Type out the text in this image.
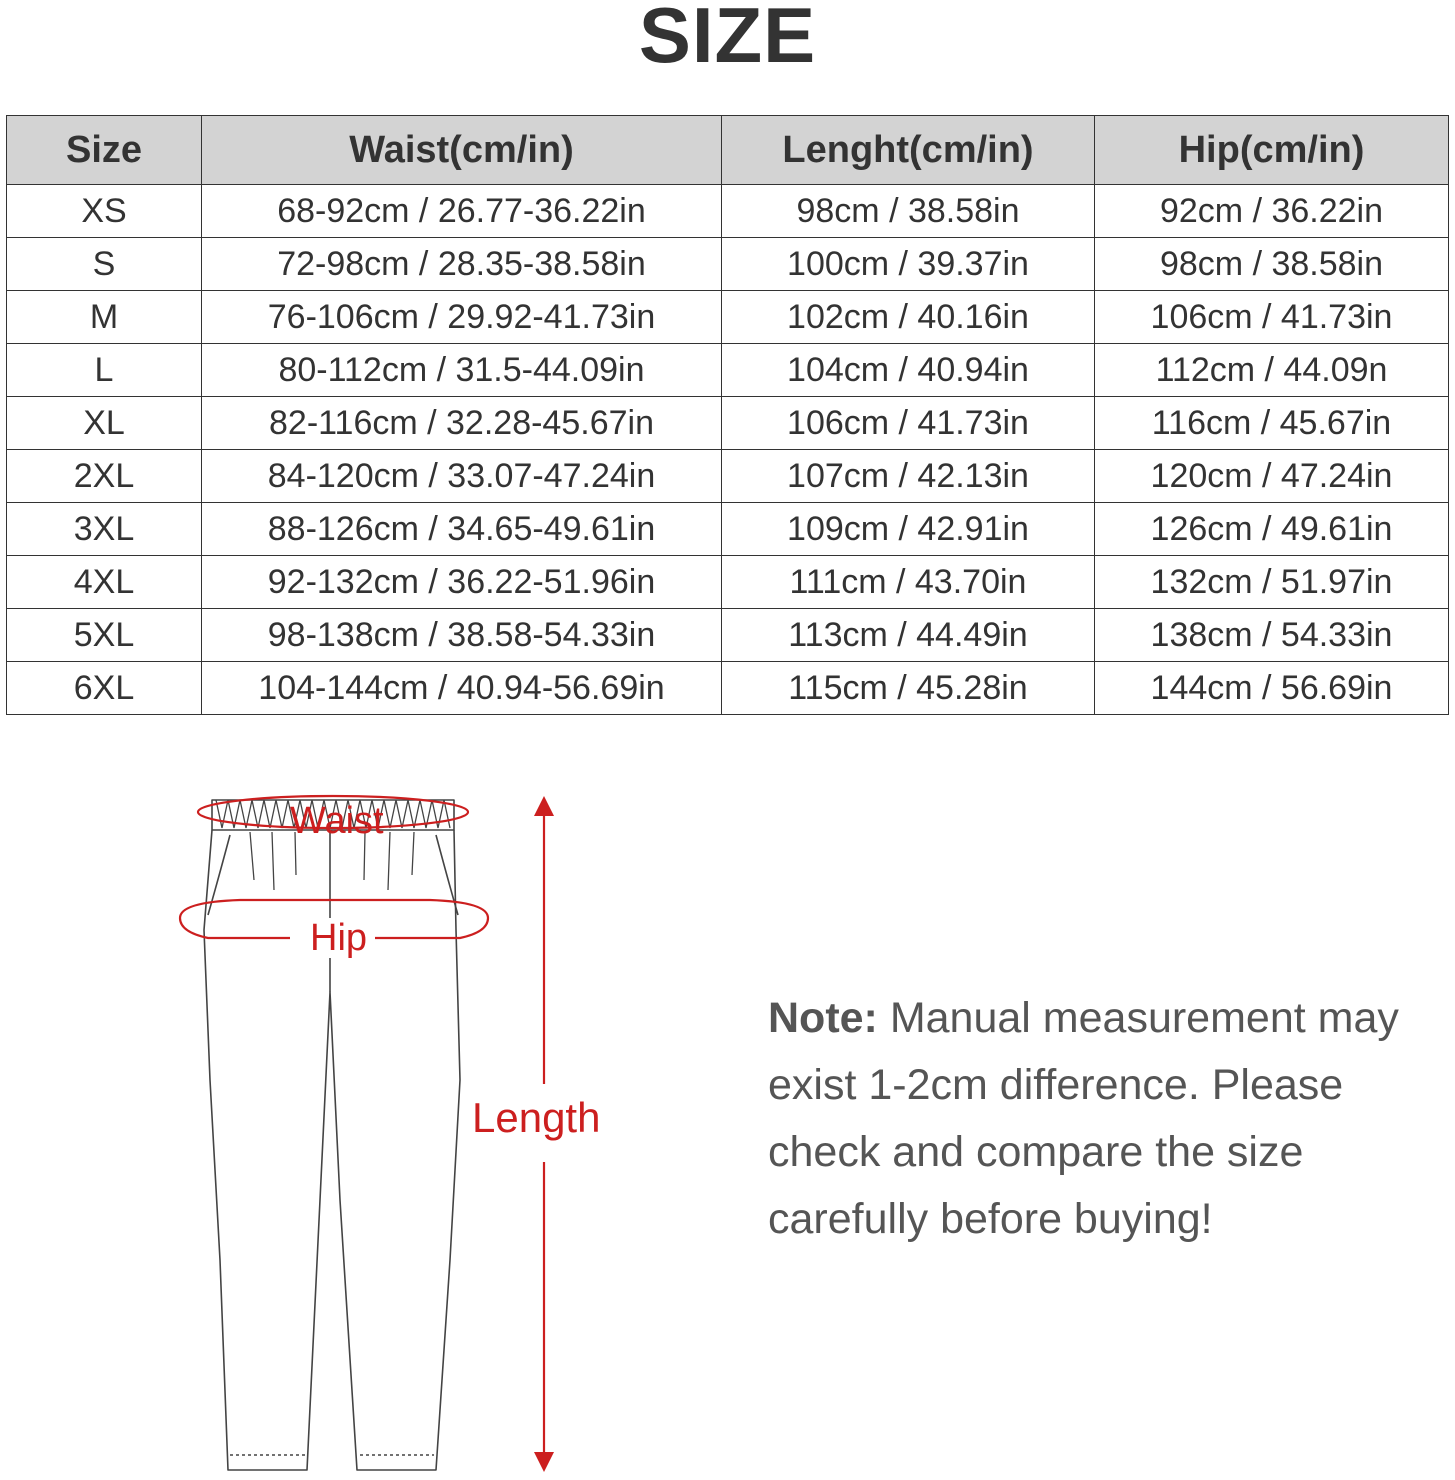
SIZE
Size	Waist(cm/in)	Lenght(cm/in)	Hip(cm/in)
XS	68-92cm / 26.77-36.22in	98cm / 38.58in	92cm / 36.22in
S	72-98cm / 28.35-38.58in	100cm / 39.37in	98cm / 38.58in
M	76-106cm / 29.92-41.73in	102cm / 40.16in	106cm / 41.73in
L	80-112cm / 31.5-44.09in	104cm / 40.94in	112cm / 44.09n
XL	82-116cm / 32.28-45.67in	106cm / 41.73in	116cm / 45.67in
2XL	84-120cm / 33.07-47.24in	107cm / 42.13in	120cm / 47.24in
3XL	88-126cm / 34.65-49.61in	109cm / 42.91in	126cm / 49.61in
4XL	92-132cm / 36.22-51.96in	111cm / 43.70in	132cm / 51.97in
5XL	98-138cm / 38.58-54.33in	113cm / 44.49in	138cm / 54.33in
6XL	104-144cm / 40.94-56.69in	115cm / 45.28in	144cm / 56.69in
Waist
Hip
Length
Note: Manual measurement may exist 1-2cm difference. Please check and compare the size carefully before buying!
